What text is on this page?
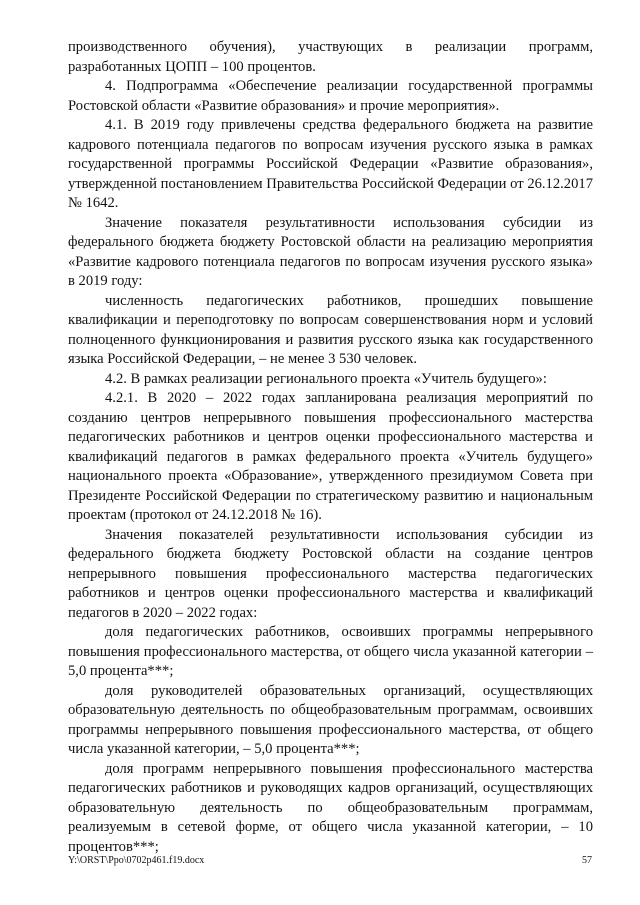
производственного обучения), участвующих в реализации программ, разработанных ЦОПП – 100 процентов.

4. Подпрограмма «Обеспечение реализации государственной программы Ростовской области «Развитие образования» и прочие мероприятия».

4.1. В 2019 году привлечены средства федерального бюджета на развитие кадрового потенциала педагогов по вопросам изучения русского языка в рамках государственной программы Российской Федерации «Развитие образования», утвержденной постановлением Правительства Российской Федерации от 26.12.2017 № 1642.

Значение показателя результативности использования субсидии из федерального бюджета бюджету Ростовской области на реализацию мероприятия «Развитие кадрового потенциала педагогов по вопросам изучения русского языка» в 2019 году:

численность педагогических работников, прошедших повышение квалификации и переподготовку по вопросам совершенствования норм и условий полноценного функционирования и развития русского языка как государственного языка Российской Федерации, – не менее 3 530 человек.

4.2. В рамках реализации регионального проекта «Учитель будущего»:

4.2.1. В 2020 – 2022 годах запланирована реализация мероприятий по созданию центров непрерывного повышения профессионального мастерства педагогических работников и центров оценки профессионального мастерства и квалификаций педагогов в рамках федерального проекта «Учитель будущего» национального проекта «Образование», утвержденного президиумом Совета при Президенте Российской Федерации по стратегическому развитию и национальным проектам (протокол от 24.12.2018 № 16).

Значения показателей результативности использования субсидии из федерального бюджета бюджету Ростовской области на создание центров непрерывного повышения профессионального мастерства педагогических работников и центров оценки профессионального мастерства и квалификаций педагогов в 2020 – 2022 годах:

доля педагогических работников, освоивших программы непрерывного повышения профессионального мастерства, от общего числа указанной категории – 5,0 процента***;

доля руководителей образовательных организаций, осуществляющих образовательную деятельность по общеобразовательным программам, освоивших программы непрерывного повышения профессионального мастерства, от общего числа указанной категории, – 5,0 процента***;

доля программ непрерывного повышения профессионального мастерства педагогических работников и руководящих кадров организаций, осуществляющих образовательную деятельность по общеобразовательным программам, реализуемым в сетевой форме, от общего числа указанной категории, – 10 процентов***;

Y:\ORST\Ppo\0702p461.f19.docx	57
